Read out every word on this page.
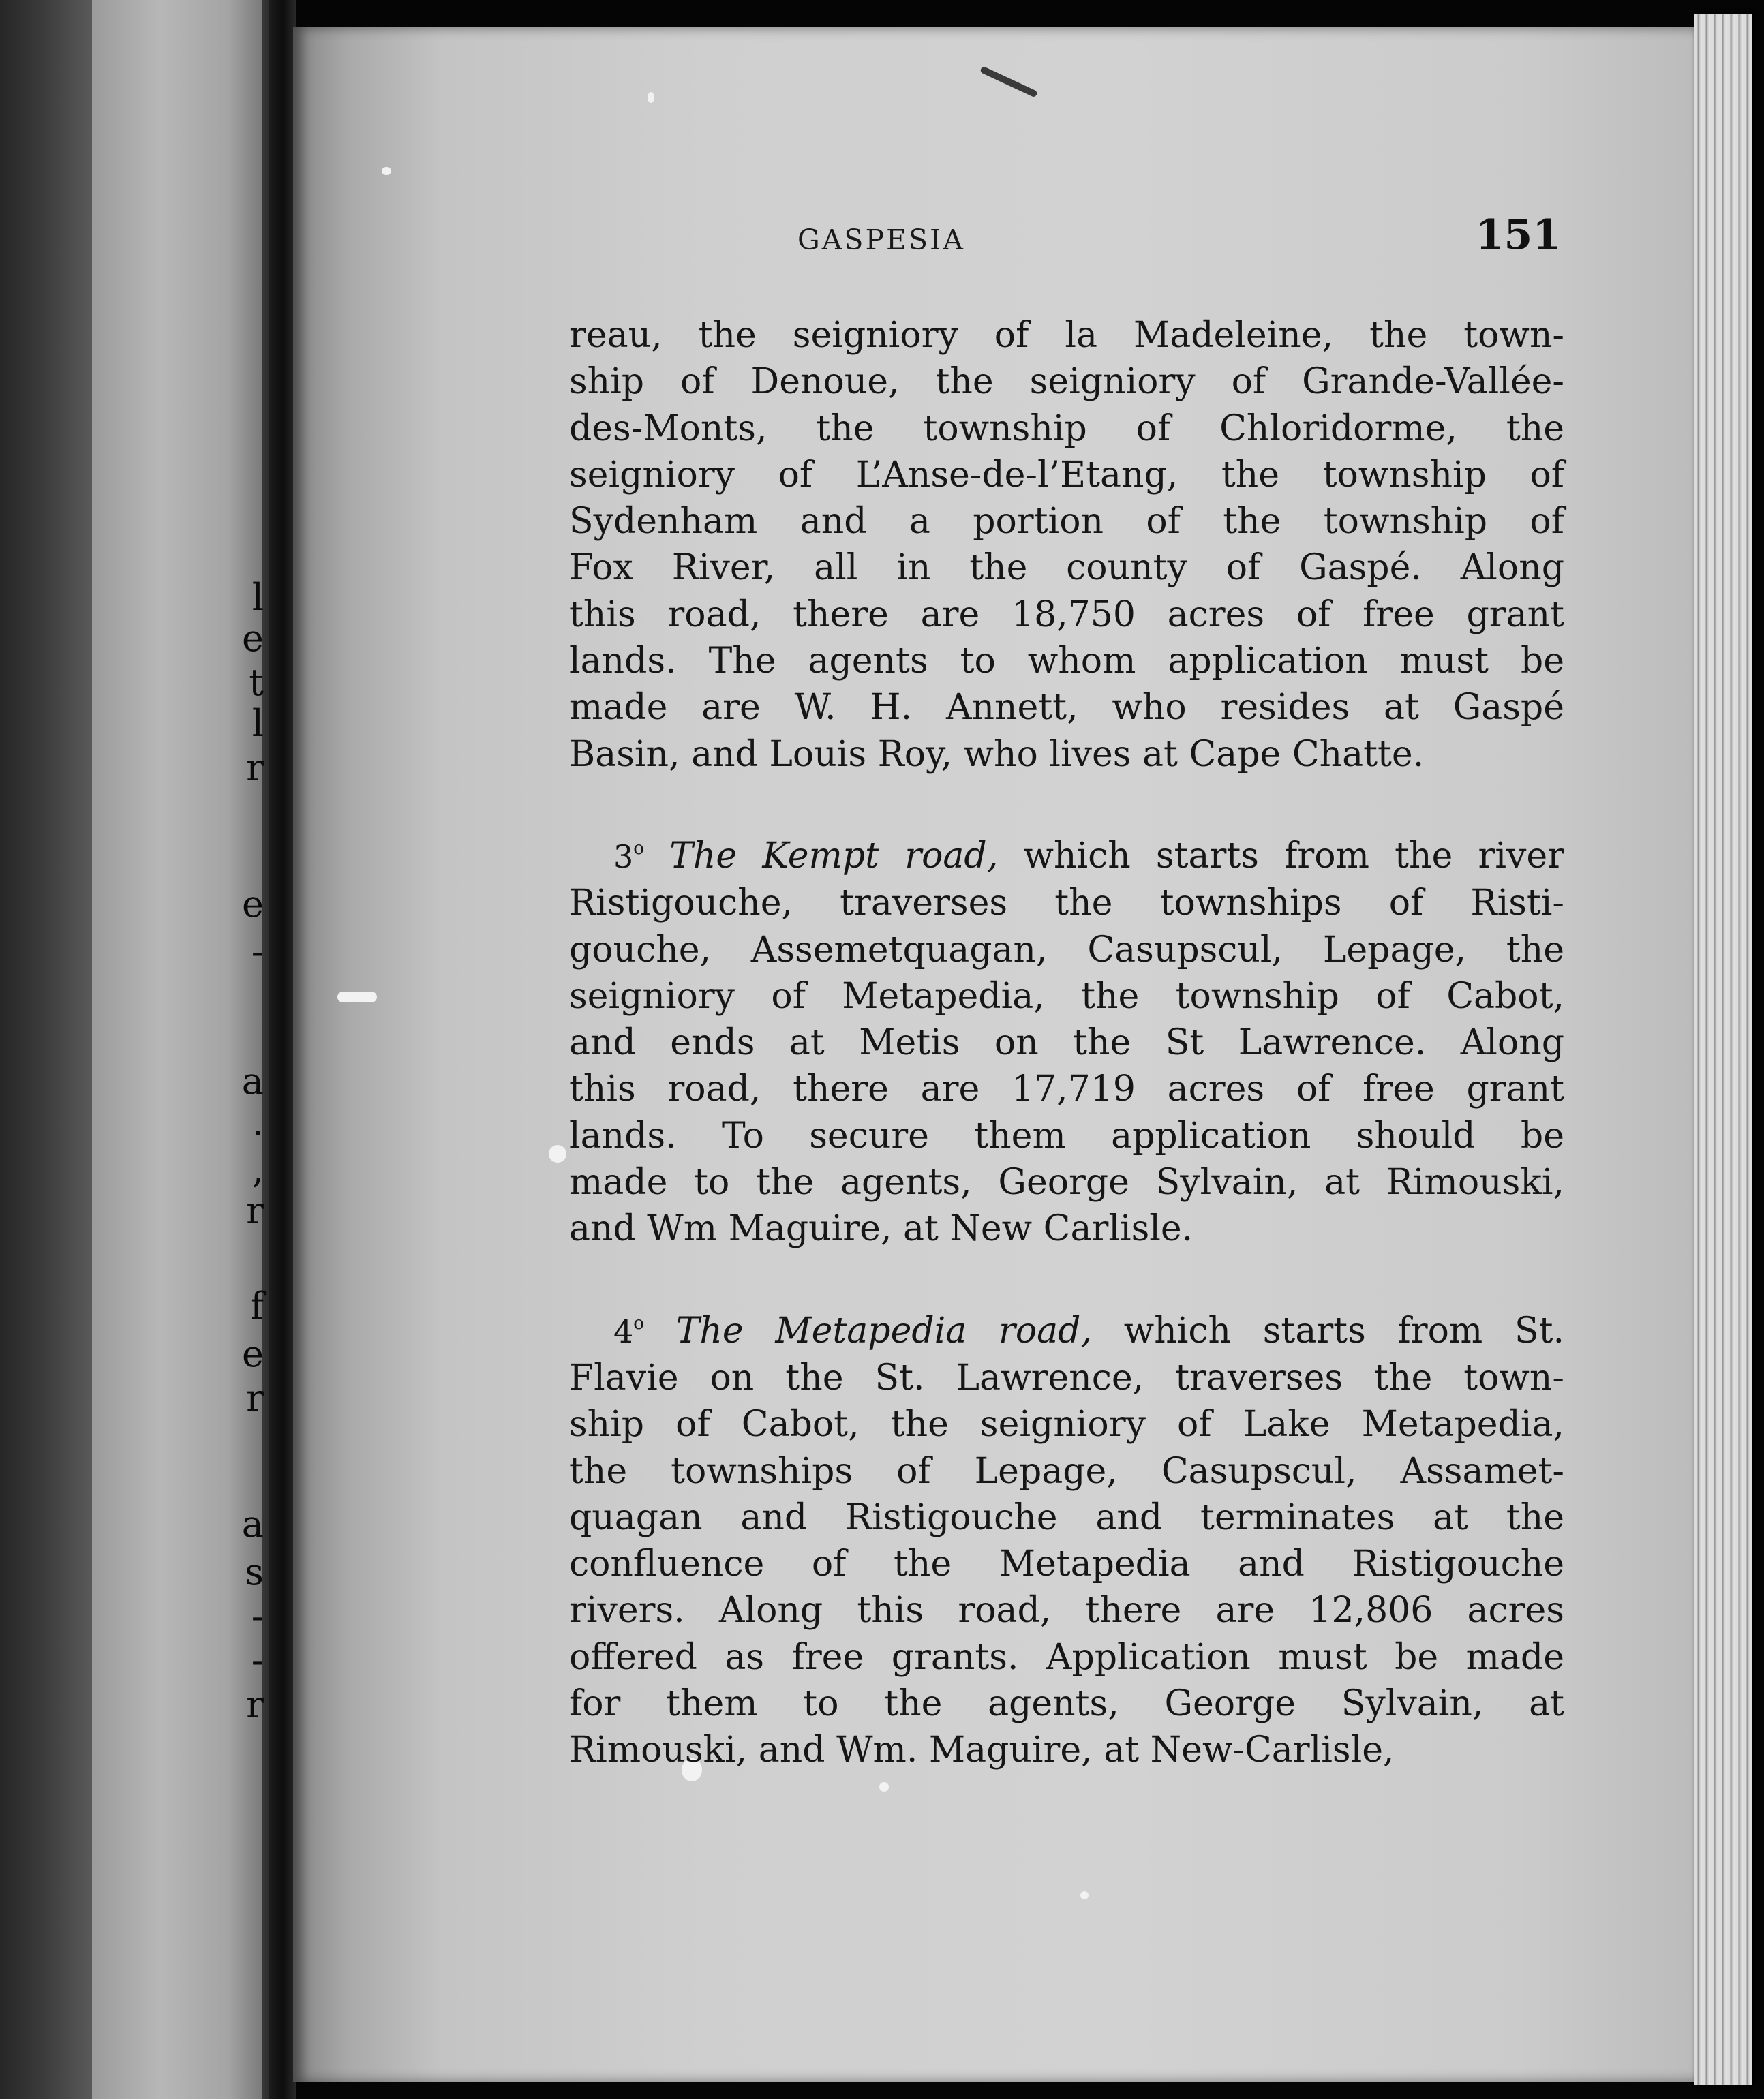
l
e
t
l
r
e
-
a
.
,
r
f
e
r
a
s
-
-
r
GASPESIA	151

reau, the seigniory of la Madeleine, the town-
ship of Denoue, the seigniory of Grande-Vallée-
des-Monts, the township of Chloridorme, the
seigniory of L’Anse-de-l’Etang, the township of
Sydenham and a portion of the township of
Fox River, all in the county of Gaspé. Along
this road, there are 18,750 acres of free grant
lands. The agents to whom application must be
made are W. H. Annett, who resides at Gaspé
Basin, and Louis Roy, who lives at Cape Chatte.

3$^o$ The Kempt road, which starts from the river
Ristigouche, traverses the townships of Risti-
gouche, Assemetquagan, Casupscul, Lepage, the
seigniory of Metapedia, the township of Cabot,
and ends at Metis on the St Lawrence. Along
this road, there are 17,719 acres of free grant
lands. To secure them application should be
made to the agents, George Sylvain, at Rimouski,
and Wm Maguire, at New Carlisle.

4$^o$ The Metapedia road, which starts from St.
Flavie on the St. Lawrence, traverses the town-
ship of Cabot, the seigniory of Lake Metapedia,
the townships of Lepage, Casupscul, Assamet-
quagan and Ristigouche and terminates at the
confluence of the Metapedia and Ristigouche
rivers. Along this road, there are 12,806 acres
offered as free grants. Application must be made
for them to the agents, George Sylvain, at
Rimouski, and Wm. Maguire, at New-Carlisle,
